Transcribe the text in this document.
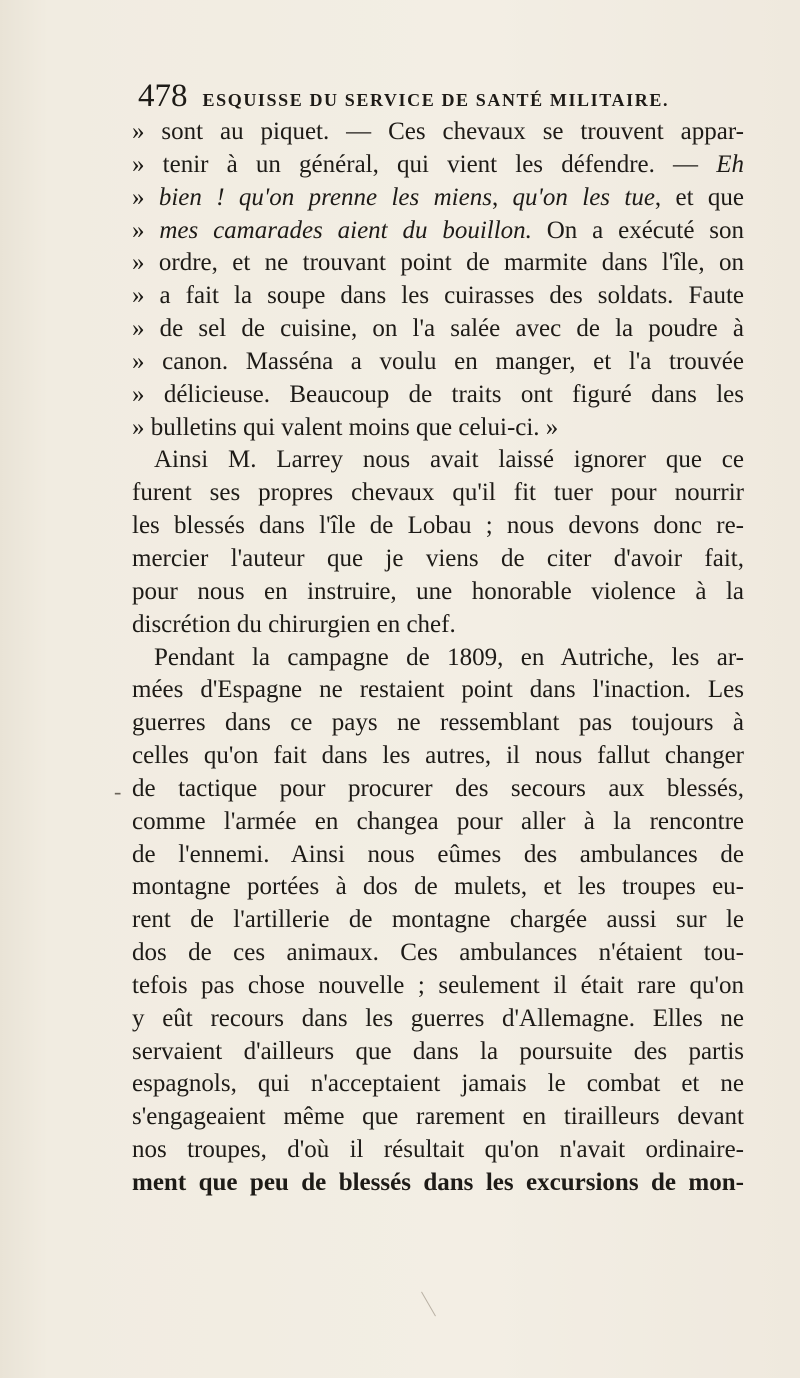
478 ESQUISSE DU SERVICE DE SANTÉ MILITAIRE.
» sont au piquet. — Ces chevaux se trouvent appar-
» tenir à un général, qui vient les défendre. — Eh
» bien ! qu'on prenne les miens, qu'on les tue, et que
» mes camarades aient du bouillon. On a exécuté son
» ordre, et ne trouvant point de marmite dans l'île, on
» a fait la soupe dans les cuirasses des soldats. Faute
» de sel de cuisine, on l'a salée avec de la poudre à
» canon. Masséna a voulu en manger, et l'a trouvée
» délicieuse. Beaucoup de traits ont figuré dans les
» bulletins qui valent moins que celui-ci. »
Ainsi M. Larrey nous avait laissé ignorer que ce
furent ses propres chevaux qu'il fit tuer pour nourrir
les blessés dans l'île de Lobau ; nous devons donc re-
mercier l'auteur que je viens de citer d'avoir fait,
pour nous en instruire, une honorable violence à la
discrétion du chirurgien en chef.
Pendant la campagne de 1809, en Autriche, les ar-
mées d'Espagne ne restaient point dans l'inaction. Les
guerres dans ce pays ne ressemblant pas toujours à
celles qu'on fait dans les autres, il nous fallut changer
de tactique pour procurer des secours aux blessés,
comme l'armée en changea pour aller à la rencontre
de l'ennemi. Ainsi nous eûmes des ambulances de
montagne portées à dos de mulets, et les troupes eu-
rent de l'artillerie de montagne chargée aussi sur le
dos de ces animaux. Ces ambulances n'étaient tou-
tefois pas chose nouvelle ; seulement il était rare qu'on
y eût recours dans les guerres d'Allemagne. Elles ne
servaient d'ailleurs que dans la poursuite des partis
espagnols, qui n'acceptaient jamais le combat et ne
s'engageaient même que rarement en tirailleurs devant
nos troupes, d'où il résultait qu'on n'avait ordinaire-
ment que peu de blessés dans les excursions de mon-
-
